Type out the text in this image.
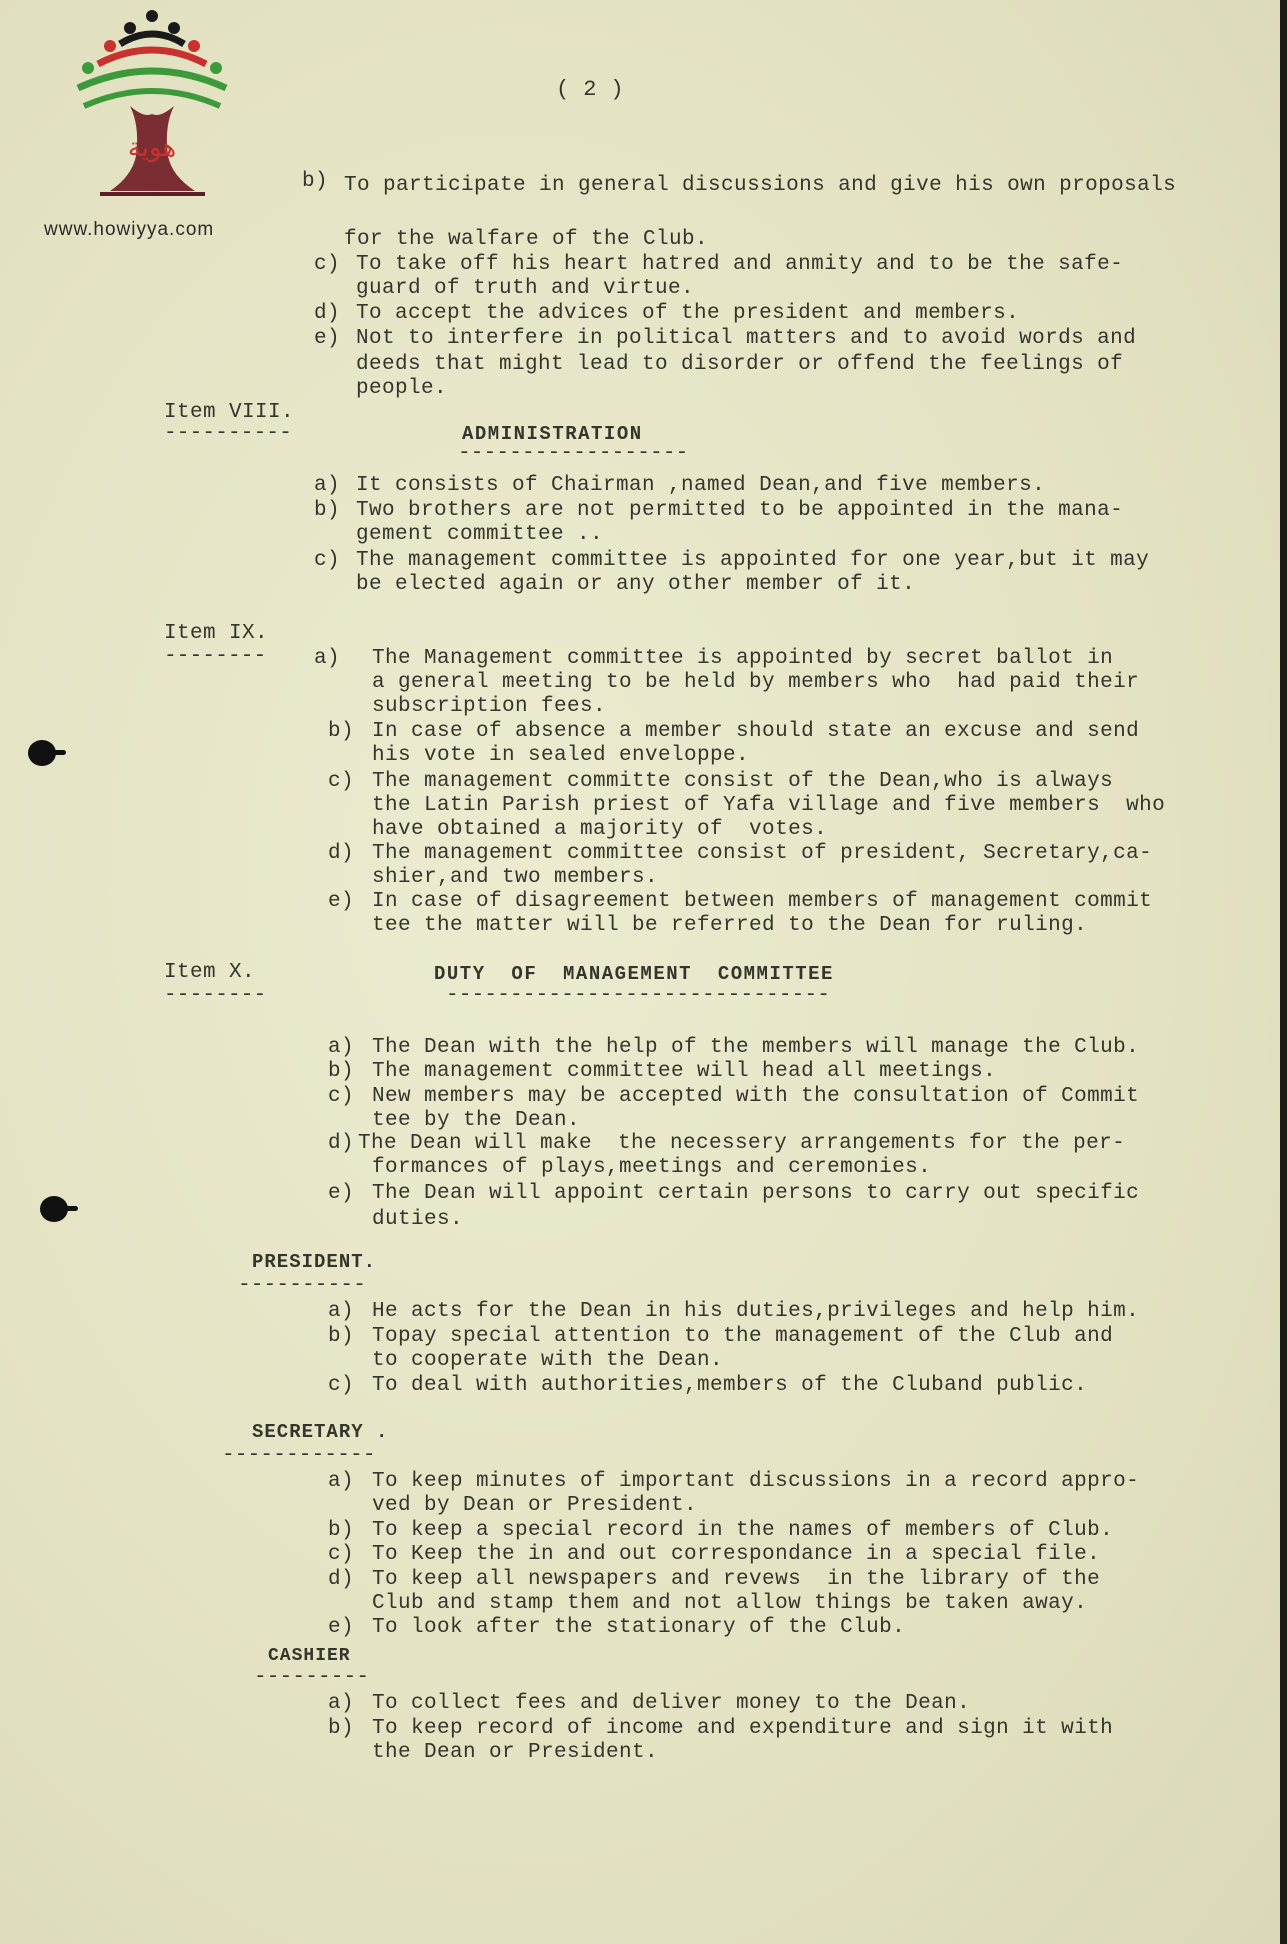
هوية
www.howiyya.com
( 2 )
b) To participate in general discussions and give his own proposals
for the walfare of the Club.
c) To take off his heart hatred and anmity and to be the safe-
guard of truth and virtue.
d) To accept the advices of the president and members.
e) Not to interfere in political matters and to avoid words and
deeds that might lead to disorder or offend the feelings of
people.
Item VIII.
----------	ADMINISTRATION
------------------
a) It consists of Chairman ,named Dean,and five members.
b) Two brothers are not permitted to be appointed in the mana-
gement committee ..
c) The management committee is appointed for one year,but it may
be elected again or any other member of it.
Item IX.
-------- a) The Management committee is appointed by secret ballot in
a general meeting to be held by members who  had paid their
subscription fees.
b) In case of absence a member should state an excuse and send
his vote in sealed enveloppe.
c) The management committe consist of the Dean,who is always
the Latin Parish priest of Yafa village and five members  who
have obtained a majority of  votes.
d) The management committee consist of president, Secretary,ca-
shier,and two members.
e) In case of disagreement between members of management commit
tee the matter will be referred to the Dean for ruling.
Item X.
--------
DUTY  OF  MANAGEMENT  COMMITTEE
------------------------------
a) The Dean with the help of the members will manage the Club.
b) The management committee will head all meetings.
c) New members may be accepted with the consultation of Commit
tee by the Dean.
d) The Dean will make  the necessery arrangements for the per-
formances of plays,meetings and ceremonies.
e) The Dean will appoint certain persons to carry out specific
duties.
PRESIDENT.
----------
a) He acts for the Dean in his duties,privileges and help him.
b) Topay special attention to the management of the Club and
to cooperate with the Dean.
c) To deal with authorities,members of the Cluband public.
SECRETARY .
------------
a) To keep minutes of important discussions in a record appro-
ved by Dean or President.
b) To keep a special record in the names of members of Club.
c) To Keep the in and out correspondance in a special file.
d) To keep all newspapers and revews  in the library of the
Club and stamp them and not allow things be taken away.
e) To look after the stationary of the Club.
CASHIER
---------
a) To collect fees and deliver money to the Dean.
b) To keep record of income and expenditure and sign it with
the Dean or President.
